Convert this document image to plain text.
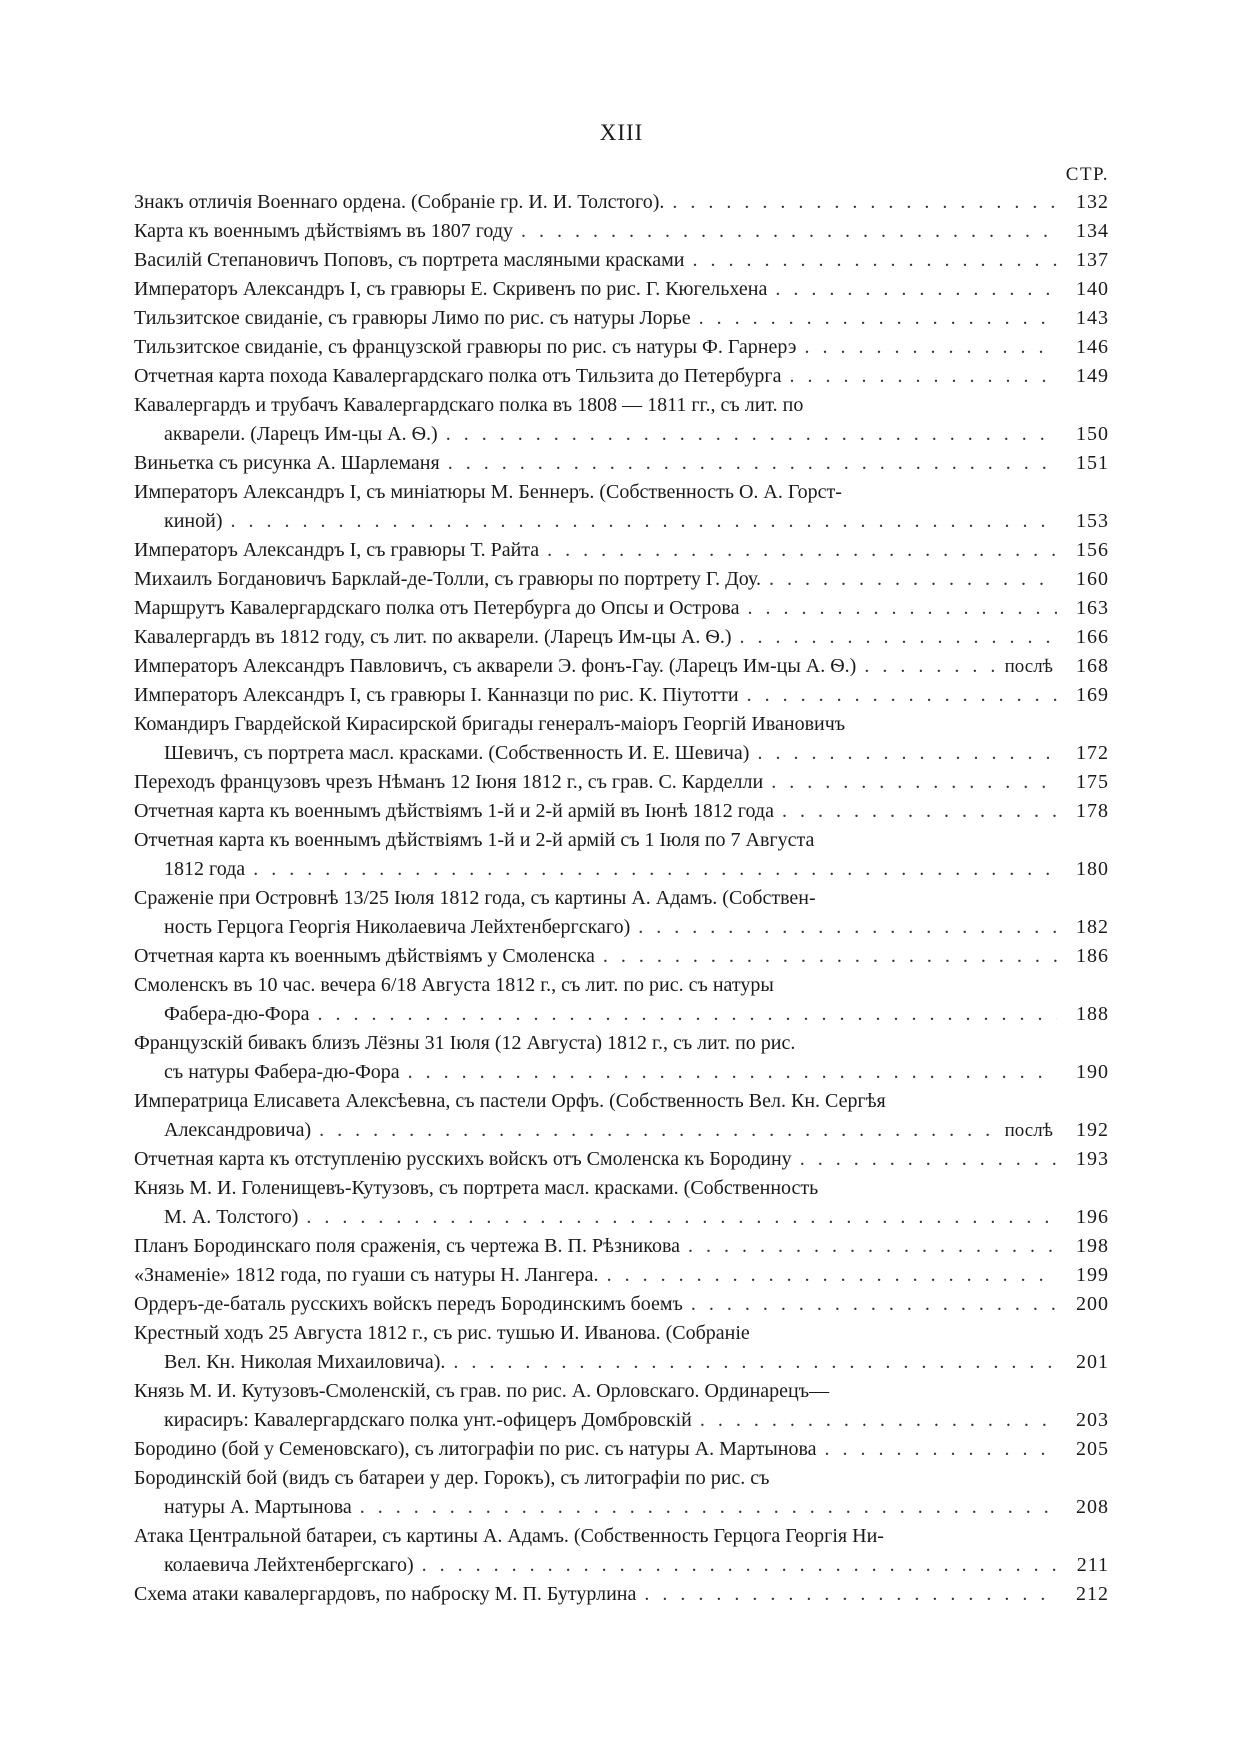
XIII
СТР.
Знакъ отличія Военнаго ордена. (Собраніе гр. И. И. Толстого). . . .	132
Карта къ военнымъ дѣйствіямъ въ 1807 году . . .	134
Василій Степановичъ Поповъ, съ портрета масляными красками . . .	137
Императоръ Александръ I, съ гравюры Е. Скривенъ по рис. Г. Кюгельхена . . .	140
Тильзитское свиданіе, съ гравюры Лимо по рис. съ натуры Лорье . . .	143
Тильзитское свиданіе, съ французской гравюры по рис. съ натуры Ф. Гарнерэ . . .	146
Отчетная карта похода Кавалергардскаго полка отъ Тильзита до Петербурга . . .	149
Кавалергардъ и трубачъ Кавалергардскаго полка въ 1808 — 1811 гг., съ лит. по
акварели. (Ларецъ Им-цы А. Ѳ.) . . .	150
Виньетка съ рисунка А. Шарлеманя . . .	151
Императоръ Александръ I, съ миніатюры М. Беннеръ. (Собственность О. А. Горст-
киной) . . .	153
Императоръ Александръ I, съ гравюры Т. Райта . . .	156
Михаилъ Богдановичъ Барклай-де-Толли, съ гравюры по портрету Г. Доу. . . .	160
Маршрутъ Кавалергардскаго полка отъ Петербурга до Опсы и Острова . . .	163
Кавалергардъ въ 1812 году, съ лит. по акварели. (Ларецъ Им-цы А. Ѳ.) . . .	166
Императоръ Александръ Павловичъ, съ акварели Э. фонъ-Гау. (Ларецъ Им-цы А. Ѳ.) . . .	послѣ	168
Императоръ Александръ I, съ гравюры І. Канназци по рис. К. Піутотти . . .	169
Командиръ Гвардейской Кирасирской бригады генералъ-маіоръ Георгій Ивановичъ
Шевичъ, съ портрета масл. красками. (Собственность И. Е. Шевича) . . .	172
Переходъ французовъ чрезъ Нѣманъ 12 Іюня 1812 г., съ грав. С. Карделли . . .	175
Отчетная карта къ военнымъ дѣйствіямъ 1-й и 2-й армій въ Іюнѣ 1812 года . . .	178
Отчетная карта къ военнымъ дѣйствіямъ 1-й и 2-й армій съ 1 Іюля по 7 Августа
1812 года . . .	180
Сраженіе при Островнѣ 13/25 Іюля 1812 года, съ картины А. Адамъ. (Собствен-
ность Герцога Георгія Николаевича Лейхтенбергскаго) . . .	182
Отчетная карта къ военнымъ дѣйствіямъ у Смоленска . . .	186
Смоленскъ въ 10 час. вечера 6/18 Августа 1812 г., съ лит. по рис. съ натуры
Фабера-дю-Фора . . .	188
Французскій бивакъ близъ Лёзны 31 Іюля (12 Августа) 1812 г., съ лит. по рис.
съ натуры Фабера-дю-Фора . . .	190
Императрица Елисавета Алексѣевна, съ пастели Орфъ. (Собственность Вел. Кн. Сергѣя
Александровича) . . .	послѣ	192
Отчетная карта къ отступленію русскихъ войскъ отъ Смоленска къ Бородину . . .	193
Князь М. И. Голенищевъ-Кутузовъ, съ портрета масл. красками. (Собственность
М. А. Толстого) . . .	196
Планъ Бородинскаго поля сраженія, съ чертежа В. П. Рѣзникова . . .	198
«Знаменіе» 1812 года, по гуаши съ натуры Н. Лангера. . . .	199
Ордеръ-де-баталь русскихъ войскъ передъ Бородинскимъ боемъ . . .	200
Крестный ходъ 25 Августа 1812 г., съ рис. тушью И. Иванова. (Собраніе
Вел. Кн. Николая Михаиловича). . . .	201
Князь М. И. Кутузовъ-Смоленскій, съ грав. по рис. А. Орловскаго. Ординарецъ—
кирасиръ: Кавалергардскаго полка унт.-офицеръ Домбровскій . . .	203
Бородино (бой у Семеновскаго), съ литографіи по рис. съ натуры А. Мартынова . . .	205
Бородинскій бой (видъ съ батареи у дер. Горокъ), съ литографіи по рис. съ
натуры А. Мартынова . . .	208
Атака Центральной батареи, съ картины А. Адамъ. (Собственность Герцога Георгія Ни-
колаевича Лейхтенбергскаго) . . .	211
Схема атаки кавалергардовъ, по наброску М. П. Бутурлина . . .	212
